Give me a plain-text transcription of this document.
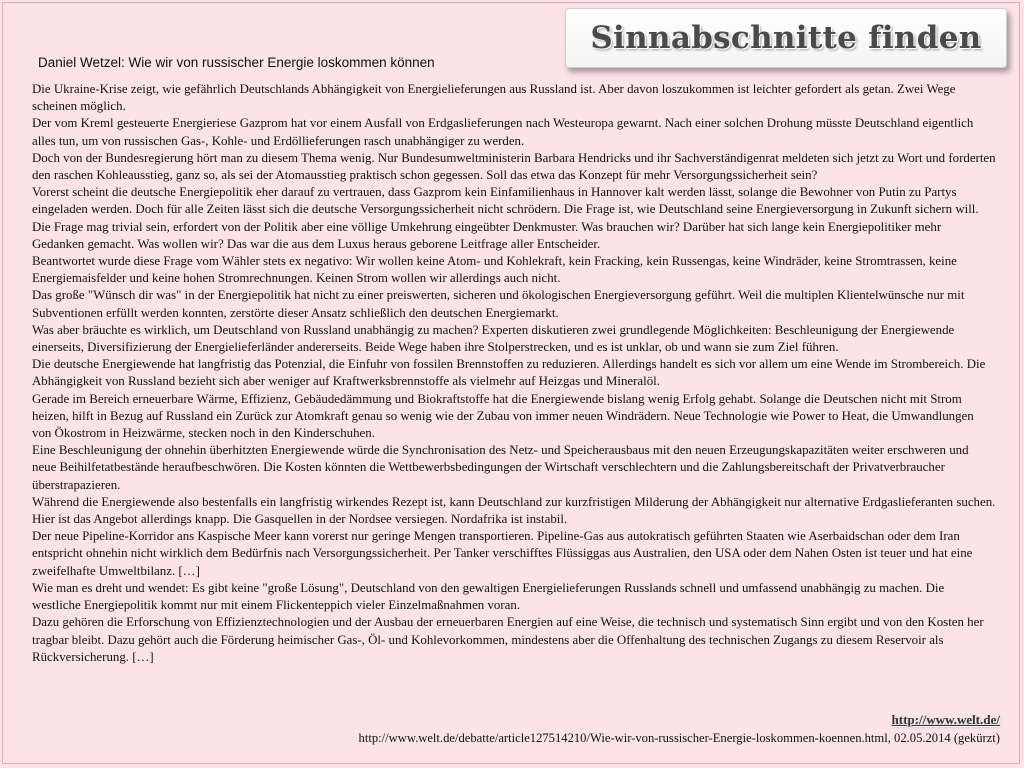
Sinnabschnitte finden
Daniel Wetzel: Wie wir von russischer Energie loskommen können

Die Ukraine-Krise zeigt, wie gefährlich Deutschlands Abhängigkeit von Energielieferungen aus Russland ist. Aber davon loszukommen ist leichter gefordert als getan. Zwei Wege scheinen möglich.

Der vom Kreml gesteuerte Energieriese Gazprom hat vor einem Ausfall von Erdgaslieferungen nach Westeuropa gewarnt. Nach einer solchen Drohung müsste Deutschland eigentlich alles tun, um von russischen Gas-, Kohle- und Erdöllieferungen rasch unabhängiger zu werden.

Doch von der Bundesregierung hört man zu diesem Thema wenig. Nur Bundesumweltministerin Barbara Hendricks und ihr Sachverständigenrat meldeten sich jetzt zu Wort und forderten den raschen Kohleausstieg, ganz so, als sei der Atomausstieg praktisch schon gegessen. Soll das etwa das Konzept für mehr Versorgungssicherheit sein?

Vorerst scheint die deutsche Energiepolitik eher darauf zu vertrauen, dass Gazprom kein Einfamilienhaus in Hannover kalt werden lässt, solange die Bewohner von Putin zu Partys eingeladen werden. Doch für alle Zeiten lässt sich die deutsche Versorgungssicherheit nicht schrödern. Die Frage ist, wie Deutschland seine Energieversorgung in Zukunft sichern will.

Die Frage mag trivial sein, erfordert von der Politik aber eine völlige Umkehrung eingeübter Denkmuster. Was brauchen wir? Darüber hat sich lange kein Energiepolitiker mehr Gedanken gemacht. Was wollen wir? Das war die aus dem Luxus heraus geborene Leitfrage aller Entscheider.

Beantwortet wurde diese Frage vom Wähler stets ex negativo: Wir wollen keine Atom- und Kohlekraft, kein Fracking, kein Russengas, keine Windräder, keine Stromtrassen, keine Energiemaisfelder und keine hohen Stromrechnungen. Keinen Strom wollen wir allerdings auch nicht.

Das große "Wünsch dir was" in der Energiepolitik hat nicht zu einer preiswerten, sicheren und ökologischen Energieversorgung geführt. Weil die multiplen Klientelwünsche nur mit Subventionen erfüllt werden konnten, zerstörte dieser Ansatz schließlich den deutschen Energiemarkt.

Was aber bräuchte es wirklich, um Deutschland von Russland unabhängig zu machen? Experten diskutieren zwei grundlegende Möglichkeiten: Beschleunigung der Energiewende einerseits, Diversifizierung der Energielieferländer andererseits. Beide Wege haben ihre Stolperstrecken, und es ist unklar, ob und wann sie zum Ziel führen.

Die deutsche Energiewende hat langfristig das Potenzial, die Einfuhr von fossilen Brennstoffen zu reduzieren. Allerdings handelt es sich vor allem um eine Wende im Strombereich. Die Abhängigkeit von Russland bezieht sich aber weniger auf Kraftwerksbrennstoffe als vielmehr auf Heizgas und Mineralöl.

Gerade im Bereich erneuerbare Wärme, Effizienz, Gebäudedämmung und Biokraftstoffe hat die Energiewende bislang wenig Erfolg gehabt. Solange die Deutschen nicht mit Strom heizen, hilft in Bezug auf Russland ein Zurück zur Atomkraft genau so wenig wie der Zubau von immer neuen Windrädern. Neue Technologie wie Power to Heat, die Umwandlungen von Ökostrom in Heizwärme, stecken noch in den Kinderschuhen.

Eine Beschleunigung der ohnehin überhitzten Energiewende würde die Synchronisation des Netz- und Speicherausbaus mit den neuen Erzeugungskapazitäten weiter erschweren und neue Beihilfetatbestände heraufbeschwören. Die Kosten könnten die Wettbewerbsbedingungen der Wirtschaft verschlechtern und die Zahlungsbereitschaft der Privatverbraucher überstrapazieren.

Während die Energiewende also bestenfalls ein langfristig wirkendes Rezept ist, kann Deutschland zur kurzfristigen Milderung der Abhängigkeit nur alternative Erdgaslieferanten suchen. Hier ist das Angebot allerdings knapp. Die Gasquellen in der Nordsee versiegen. Nordafrika ist instabil.

Der neue Pipeline-Korridor ans Kaspische Meer kann vorerst nur geringe Mengen transportieren. Pipeline-Gas aus autokratisch geführten Staaten wie Aserbaidschan oder dem Iran entspricht ohnehin nicht wirklich dem Bedürfnis nach Versorgungssicherheit. Per Tanker verschifftes Flüssiggas aus Australien, den USA oder dem Nahen Osten ist teuer und hat eine zweifelhafte Umweltbilanz. […]

Wie man es dreht und wendet: Es gibt keine "große Lösung", Deutschland von den gewaltigen Energielieferungen Russlands schnell und umfassend unabhängig zu machen. Die westliche Energiepolitik kommt nur mit einem Flickenteppich vieler Einzelmaßnahmen voran.

Dazu gehören die Erforschung von Effizienztechnologien und der Ausbau der erneuerbaren Energien auf eine Weise, die technisch und systematisch Sinn ergibt und von den Kosten her tragbar bleibt. Dazu gehört auch die Förderung heimischer Gas-, Öl- und Kohlevorkommen, mindestens aber die Offenhaltung des technischen Zugangs zu diesem Reservoir als Rückversicherung. […]

http://www.welt.de/
http://www.welt.de/debatte/article127514210/Wie-wir-von-russischer-Energie-loskommen-koennen.html, 02.05.2014 (gekürzt)
